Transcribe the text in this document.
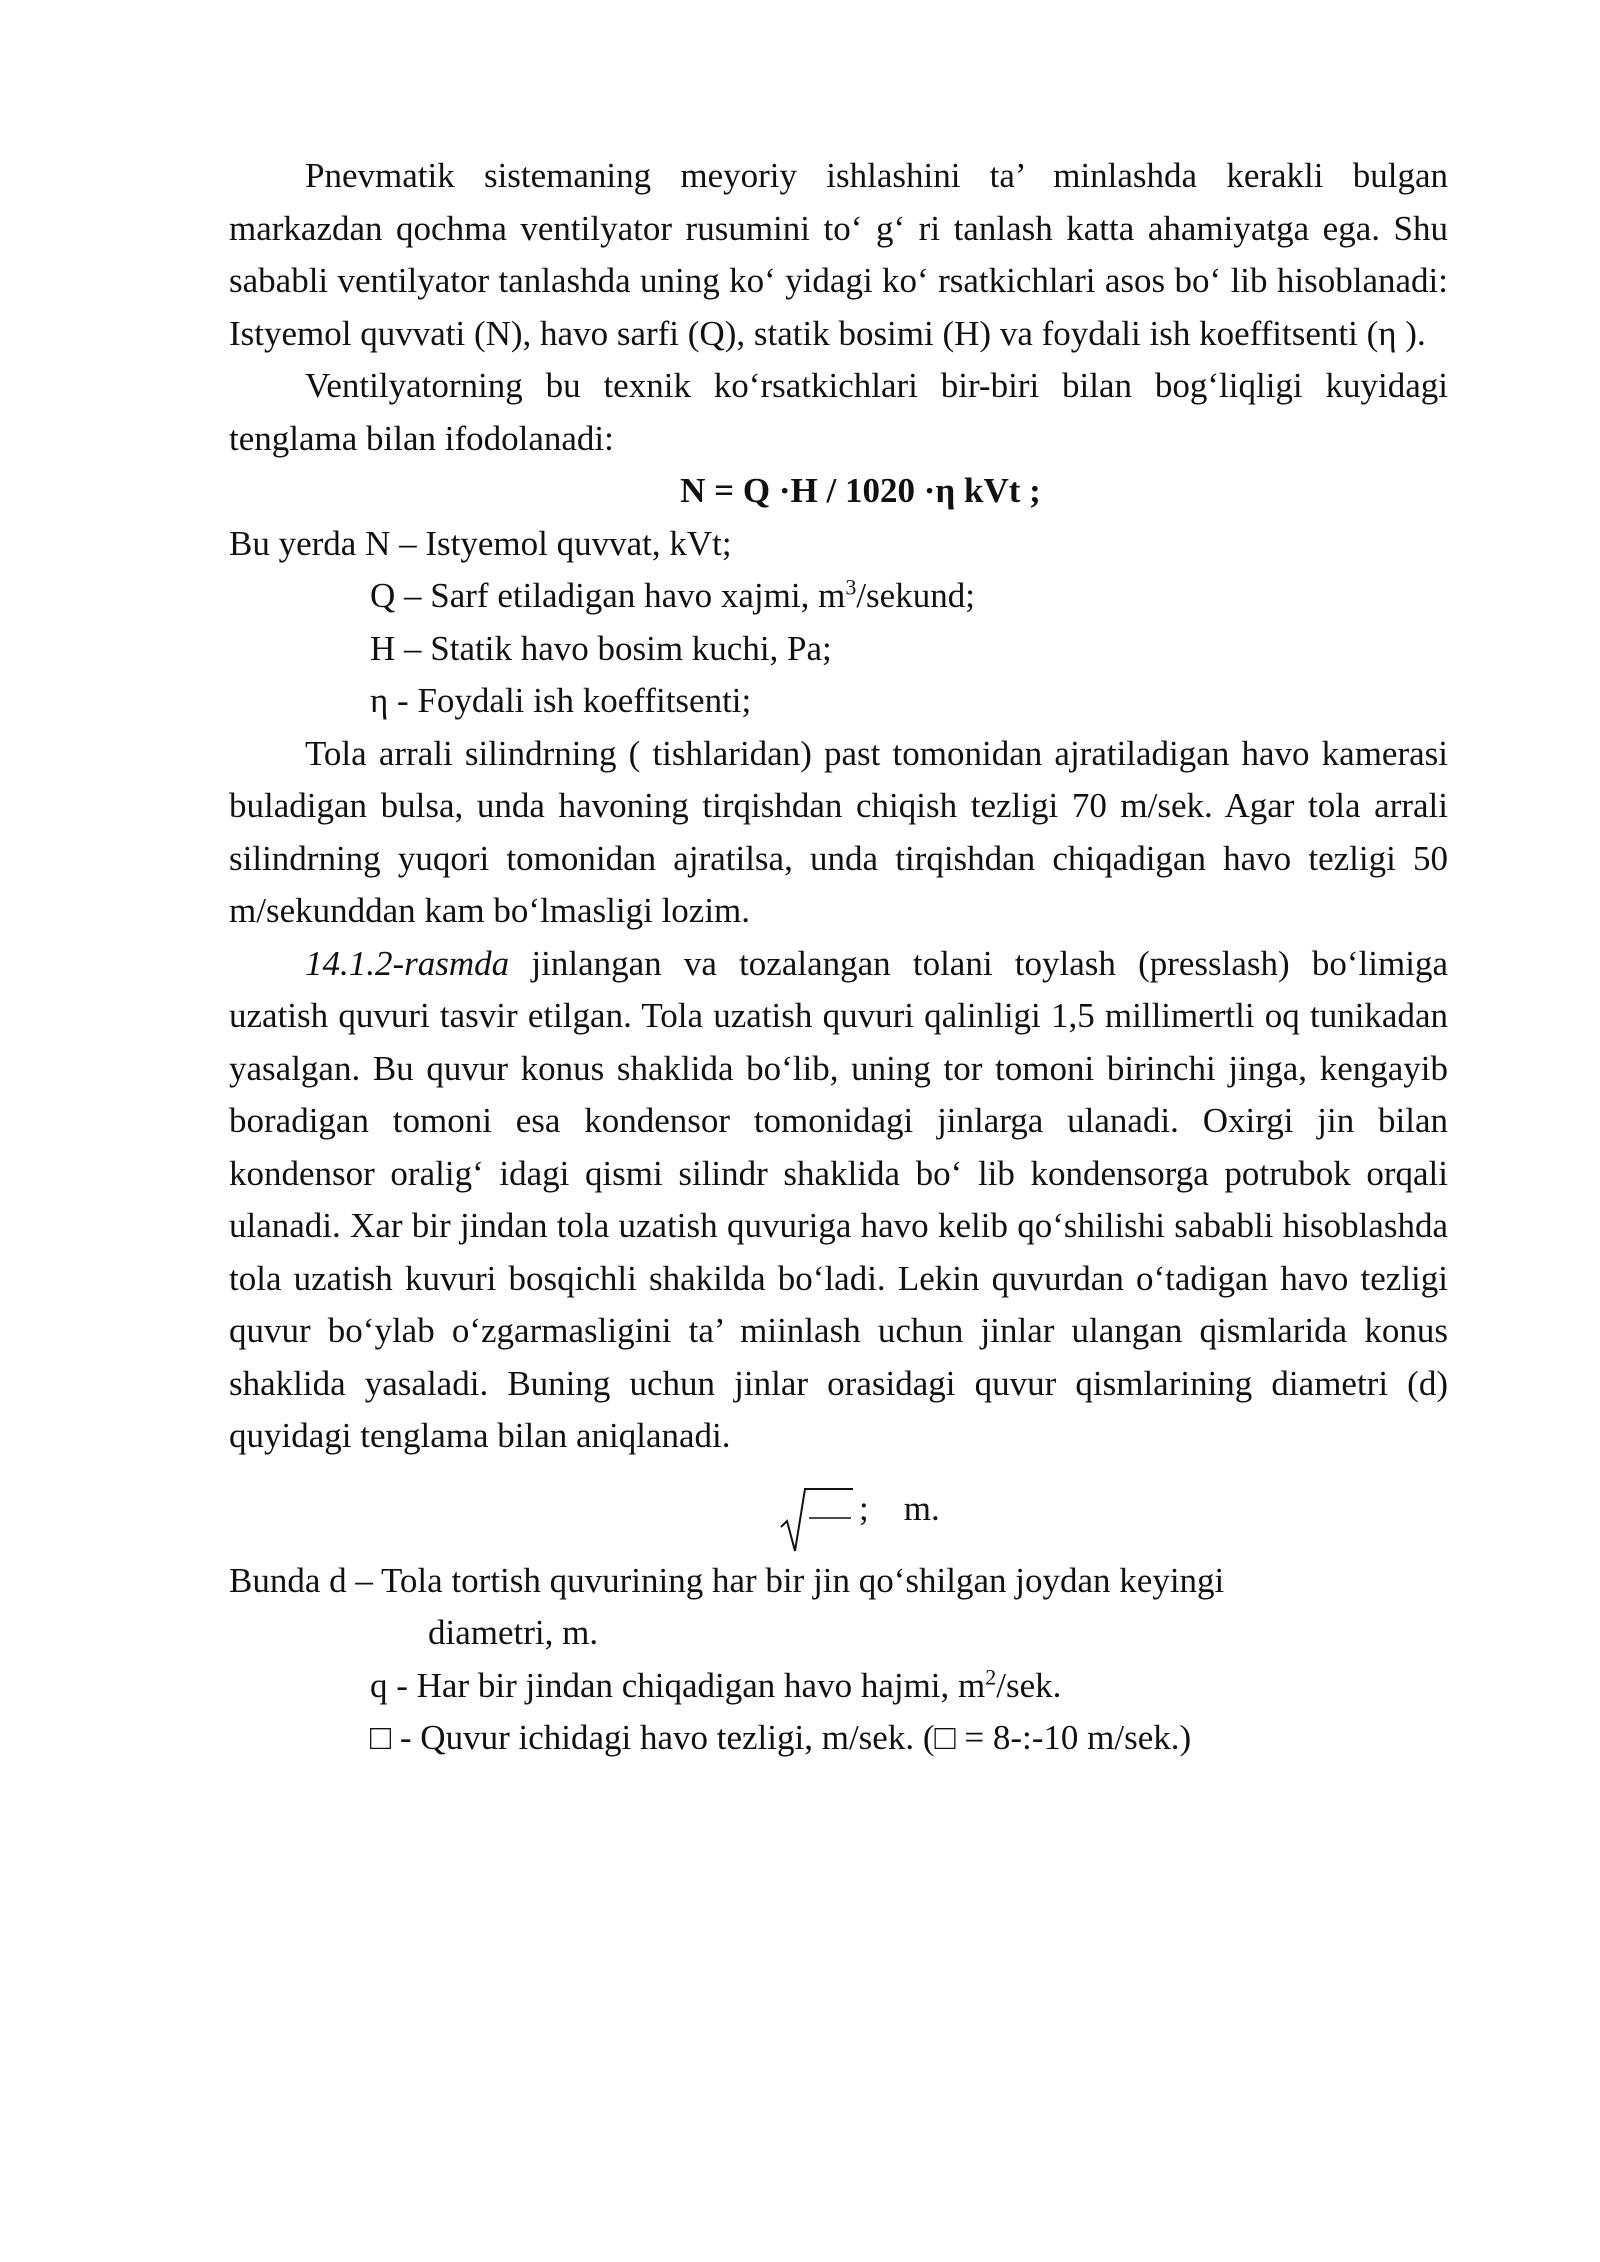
Pnevmatik sistemaning meyoriy ishlashini ta’ minlashda kerakli bulgan markazdan qochma ventilyator rusumini to‘ g‘ ri tanlash katta ahamiyatga ega. Shu sababli ventilyator tanlashda uning ko‘ yidagi ko‘ rsatkichlari asos bo‘ lib hisoblanadi: Istyemol quvvati (N), havo sarfi (Q), statik bosimi (H) va foydali ish koeffitsenti (η ).

Ventilyatorning bu texnik ko‘rsatkichlari bir-biri bilan bog‘liqligi kuyidagi tenglama bilan ifodolanadi:

N = Q ·H / 1020 ·η kVt ;

Bu yerda N – Istyemol quvvat, kVt;

Q – Sarf etiladigan havo xajmi, $m^3$/sekund;

H – Statik havo bosim kuchi, Pa;

η - Foydali ish koeffitsenti;

Tola arrali silindrning ( tishlaridan) past tomonidan ajratiladigan havo kamerasi buladigan bulsa, unda havoning tirqishdan chiqish tezligi 70 m/sek. Agar tola arrali silindrning yuqori tomonidan ajratilsa, unda tirqishdan chiqadigan havo tezligi 50 m/sekunddan kam boʻlmasligi lozim.

14.1.2-rasmda jinlangan va tozalangan tolani toylash (presslash) boʻlimiga uzatish quvuri tasvir etilgan. Tola uzatish quvuri qalinligi 1,5 millimertli oq tunikadan yasalgan. Bu quvur konus shaklida boʻlib, uning tor tomoni birinchi jinga, kengayib boradigan tomoni esa kondensor tomonidagi jinlarga ulanadi. Oxirgi jin bilan kondensor oralig‘ idagi qismi silindr shaklida bo‘ lib kondensorga potrubok orqali ulanadi. Xar bir jindan tola uzatish quvuriga havo kelib qoʻshilishi sababli hisoblashda tola uzatish kuvuri bosqichli shakilda bo‘ladi. Lekin quvurdan o‘tadigan havo tezligi quvur bo‘ylab o‘zgarmasligini ta’ miinlash uchun jinlar ulangan qismlarida konus shaklida yasaladi. Buning uchun jinlar orasidagi quvur qismlarining diametri (d) quyidagi tenglama bilan aniqlanadi.

;    m.

Bunda d – Tola tortish quvurining har bir jin qoʻshilgan joydan keyingi

diametri, m.

q - Har bir jindan chiqadigan havo hajmi, $m^2$/sek.

□ - Quvur ichidagi havo tezligi, m/sek. (□ = 8-:-10 m/sek.)
